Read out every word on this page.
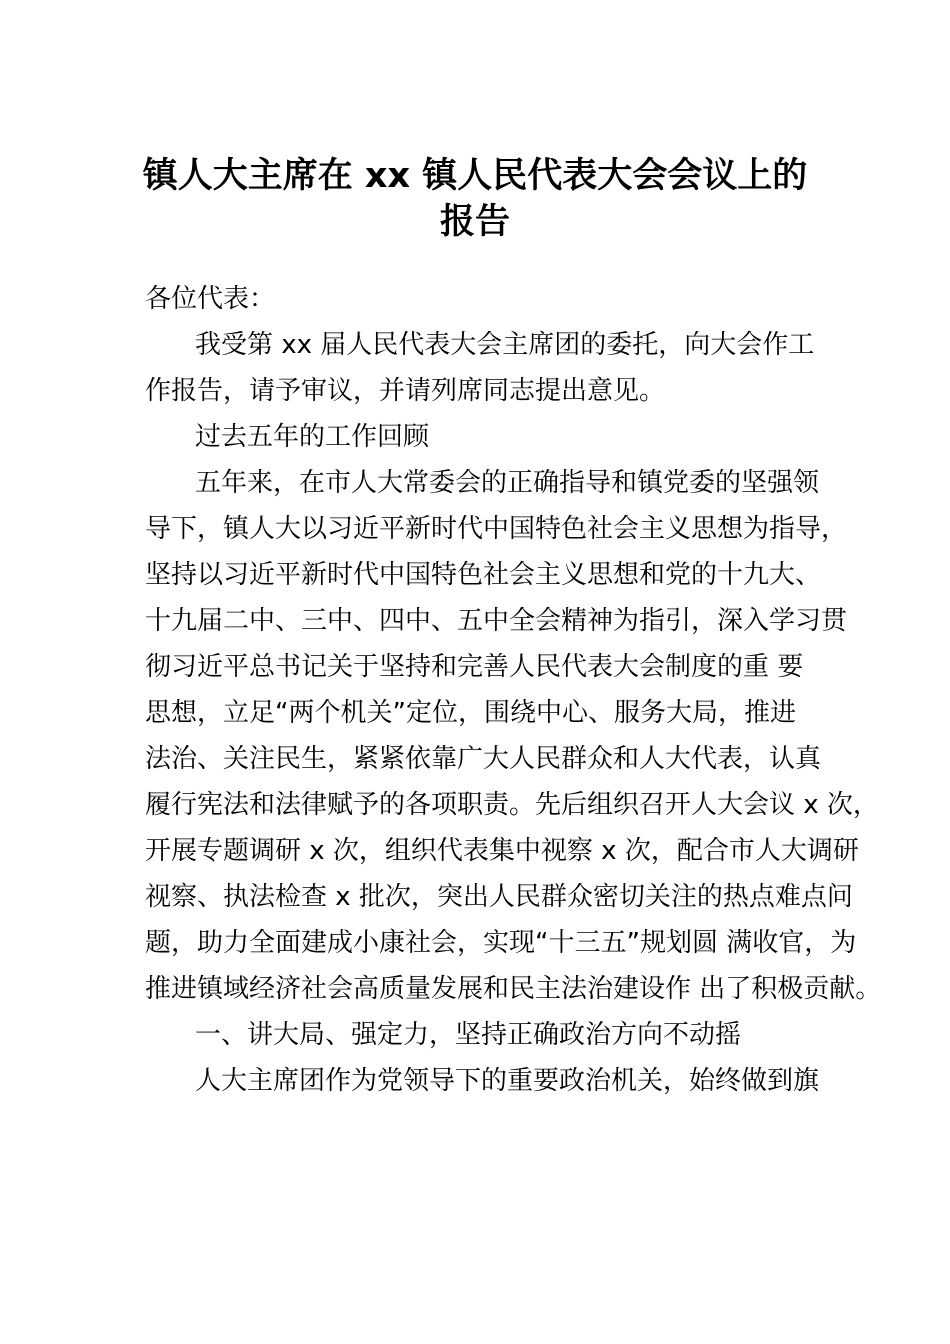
镇人大主席在 xx 镇人民代表大会会议上的
报告

各位代表：

我受第 xx 届人民代表大会主席团的委托，向大会作工

作报告，请予审议，并请列席同志提出意见。

过去五年的工作回顾

五年来，在市人大常委会的正确指导和镇党委的坚强领

导下，镇人大以习近平新时代中国特色社会主义思想为指导，

坚持以习近平新时代中国特色社会主义思想和党的十九大、

十九届二中、三中、四中、五中全会精神为指引，深入学习贯

彻习近平总书记关于坚持和完善人民代表大会制度的重 要

思想，立足“两个机关”定位，围绕中心、服务大局，推进

法治、关注民生，紧紧依靠广大人民群众和人大代表，认真

履行宪法和法律赋予的各项职责。先后组织召开人大会议 x 次，

开展专题调研 x 次，组织代表集中视察 x 次，配合市人大调研

视察、执法检查 x 批次，突出人民群众密切关注的热点难点问

题，助力全面建成小康社会，实现“十三五”规划圆 满收官，为

推进镇域经济社会高质量发展和民主法治建设作 出了积极贡献。

一、讲大局、强定力，坚持正确政治方向不动摇

人大主席团作为党领导下的重要政治机关，始终做到旗
